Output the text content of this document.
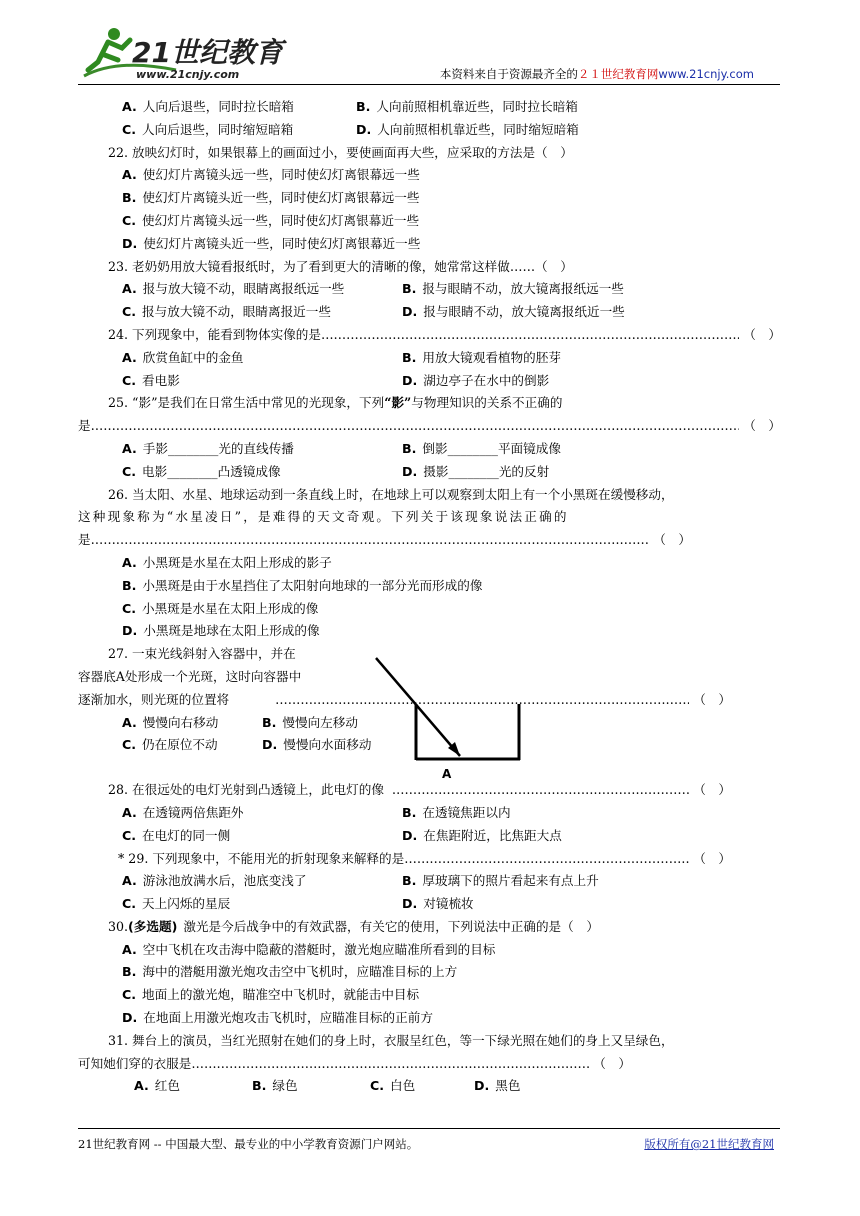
21世纪教育
www.21cnjy.com	本资料来自于资源最齐全的２１世纪教育网www.21cnjy.com
A. 人向后退些，同时拉长暗箱	B. 人向前照相机靠近些，同时拉长暗箱
C. 人向后退些，同时缩短暗箱	D. 人向前照相机靠近些，同时缩短暗箱
22. 放映幻灯时，如果银幕上的画面过小，要使画面再大些，应采取的方法是（　）
A. 使幻灯片离镜头远一些，同时使幻灯离银幕远一些
B. 使幻灯片离镜头近一些，同时使幻灯离银幕远一些
C. 使幻灯片离镜头远一些，同时使幻灯离银幕近一些
D. 使幻灯片离镜头近一些，同时使幻灯离银幕近一些
23. 老奶奶用放大镜看报纸时，为了看到更大的清晰的像，她常常这样做……（　）
A. 报与放大镜不动，眼睛离报纸远一些	B. 报与眼睛不动，放大镜离报纸远一些
C. 报与放大镜不动，眼睛离报近一些	D. 报与眼睛不动，放大镜离报纸近一些
24. 下列现象中，能看到物体实像的是 …………………………………………………………………………………………………………………………………………………………………………………………	（　）
A. 欣赏鱼缸中的金鱼	B. 用放大镜观看植物的胚芽
C. 看电影	D. 湖边亭子在水中的倒影
25. “影”是我们在日常生活中常见的光现象，下列“影”与物理知识的关系不正确的
是 …………………………………………………………………………………………………………………………………………………………………………………………	（　）
A. 手影________光的直线传播	B. 倒影________平面镜成像
C. 电影________凸透镜成像	D. 摄影________光的反射
26. 当太阳、水星、地球运动到一条直线上时，在地球上可以观察到太阳上有一个小黑斑在缓慢移动，
这种现象称为“水星凌日”，是难得的天文奇观。下列关于该现象说法正确的
是 …………………………………………………………………………………………………………………………………………………………………………………………	（　）
A. 小黑斑是水星在太阳上形成的影子
B. 小黑斑是由于水星挡住了太阳射向地球的一部分光而形成的像
C. 小黑斑是水星在太阳上形成的像
D. 小黑斑是地球在太阳上形成的像
27. 一束光线斜射入容器中，并在
容器底A处形成一个光斑，这时向容器中
逐渐加水，则光斑的位置将 …………………………………………………………………………………………………………………………………………………………………………………………	（　）
A. 慢慢向右移动	B. 慢慢向左移动
C. 仍在原位不动	D. 慢慢向水面移动
28. 在很远处的电灯光射到凸透镜上，此电灯的像 …………………………………………………………………………………………………………………………………………………………………………………………	（　）
A. 在透镜两倍焦距外	B. 在透镜焦距以内
C. 在电灯的同一侧	D. 在焦距附近，比焦距大点
* 29. 下列现象中，不能用光的折射现象来解释的是 …………………………………………………………………………………………………………………………………………………………………………………………	（　）
A. 游泳池放满水后，池底变浅了	B. 厚玻璃下的照片看起来有点上升
C. 天上闪烁的星辰	D. 对镜梳妆
30. (多选题) 激光是今后战争中的有效武器，有关它的使用，下列说法中正确的是（　）
A. 空中飞机在攻击海中隐蔽的潜艇时，激光炮应瞄准所看到的目标
B. 海中的潜艇用激光炮攻击空中飞机时，应瞄准目标的上方
C. 地面上的激光炮，瞄准空中飞机时，就能击中目标
D. 在地面上用激光炮攻击飞机时，应瞄准目标的正前方
31. 舞台上的演员，当红光照射在她们的身上时，衣服呈红色，等一下绿光照在她们的身上又呈绿色，
可知她们穿的衣服是 …………………………………………………………………………………………………………………………………………………………………………………………	（　）
A. 红色	B. 绿色	C. 白色	D. 黑色
A
21世纪教育网 -- 中国最大型、最专业的中小学教育资源门户网站。	版权所有@21世纪教育网
